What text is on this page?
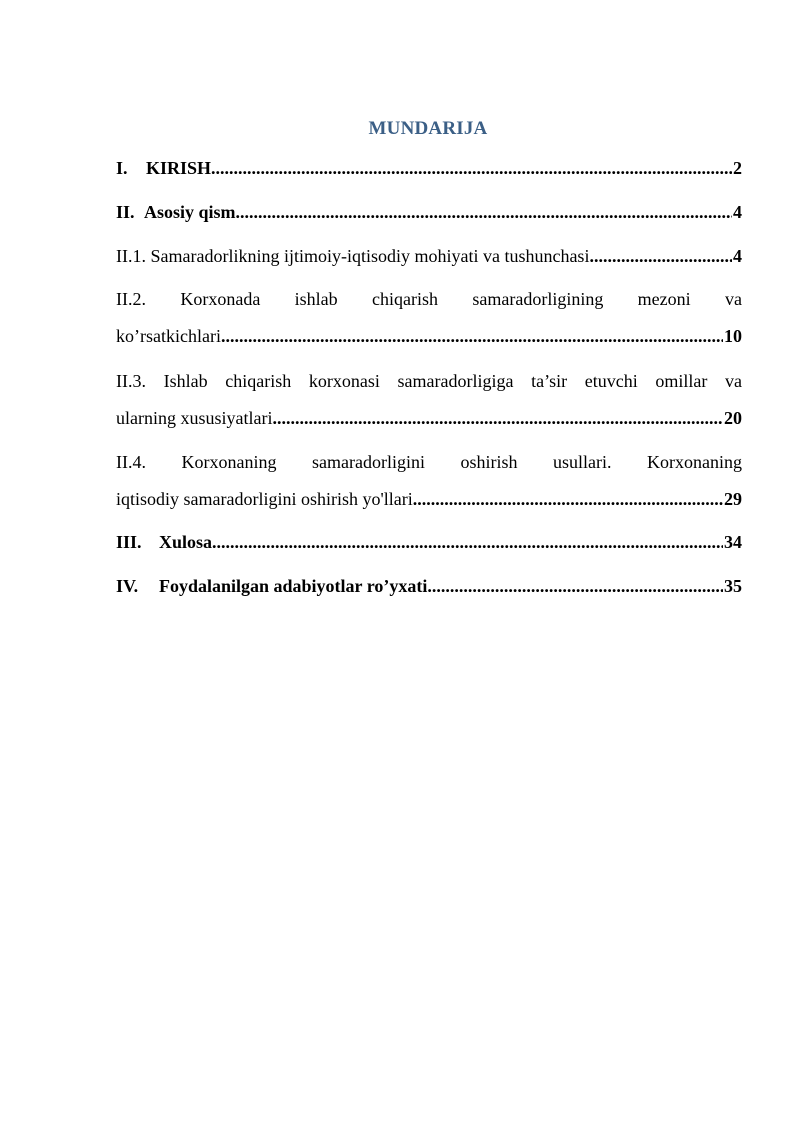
MUNDARIJA
I.	KIRISH .....	2
II. Asosiy qism .....	4
II.1. Samaradorlikning ijtimoiy-iqtisodiy mohiyati va tushunchasi .....	4
II.2. Korxonada ishlab chiqarish samaradorligining mezoni va
ko’rsatkichlari .....	10
II.3. Ishlab chiqarish korxonasi samaradorligiga ta’sir etuvchi omillar va
ularning xususiyatlari .....	20
II.4. Korxonaning samaradorligini oshirish usullari. Korxonaning
iqtisodiy samaradorligini oshirish yo'llari .....	29
III. Xulosa .....	34
IV.	Foydalanilgan adabiyotlar ro’yxati .....	35
